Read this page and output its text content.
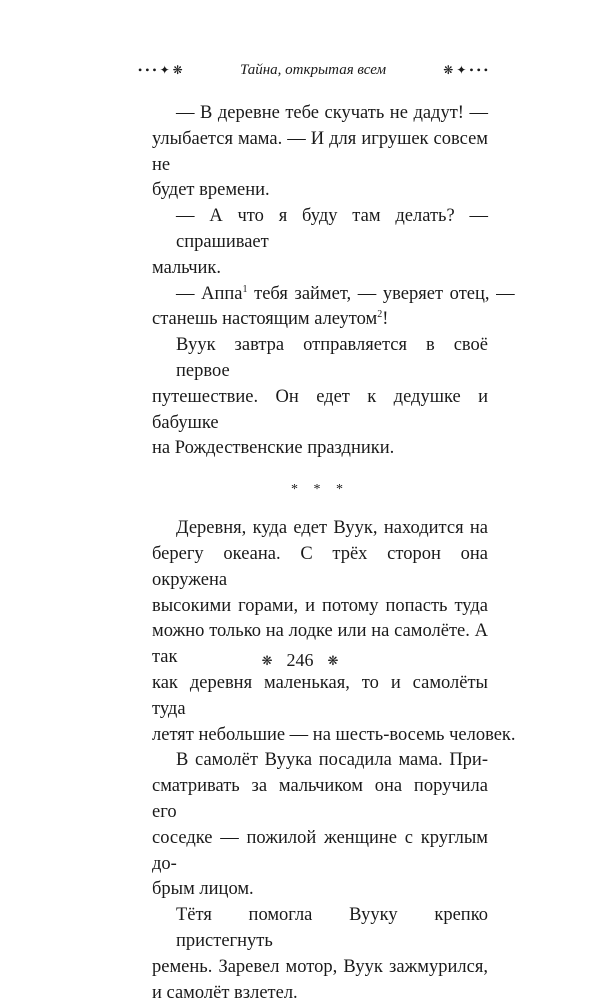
• • • ✦ ❋	Тайна, открытая всем	❋ ✦ • • •
— В деревне тебе скучать не дадут! —
улыбается мама. — И для игрушек совсем не
будет времени.
— А что я буду там делать? — спрашивает
мальчик.
— Аппа$^1$ тебя займет, — уверяет отец, —
станешь настоящим алеутом$^2$!
Вуук завтра отправляется в своё первое
путешествие. Он едет к дедушке и бабушке
на Рождественские праздники.
* * *
Деревня, куда едет Вуук, находится на
берегу океана. С трёх сторон она окружена
высокими горами, и потому попасть туда
можно только на лодке или на самолёте. А так
как деревня маленькая, то и самолёты туда
летят небольшие — на шесть-восемь человек.
В самолёт Вуука посадила мама. При-
сматривать за мальчиком она поручила его
соседке — пожилой женщине с круглым до-
брым лицом.
Тётя помогла Вууку крепко пристегнуть
ремень. Заревел мотор, Вуук зажмурился,
и самолёт взлетел.
❋ 246 ❋
